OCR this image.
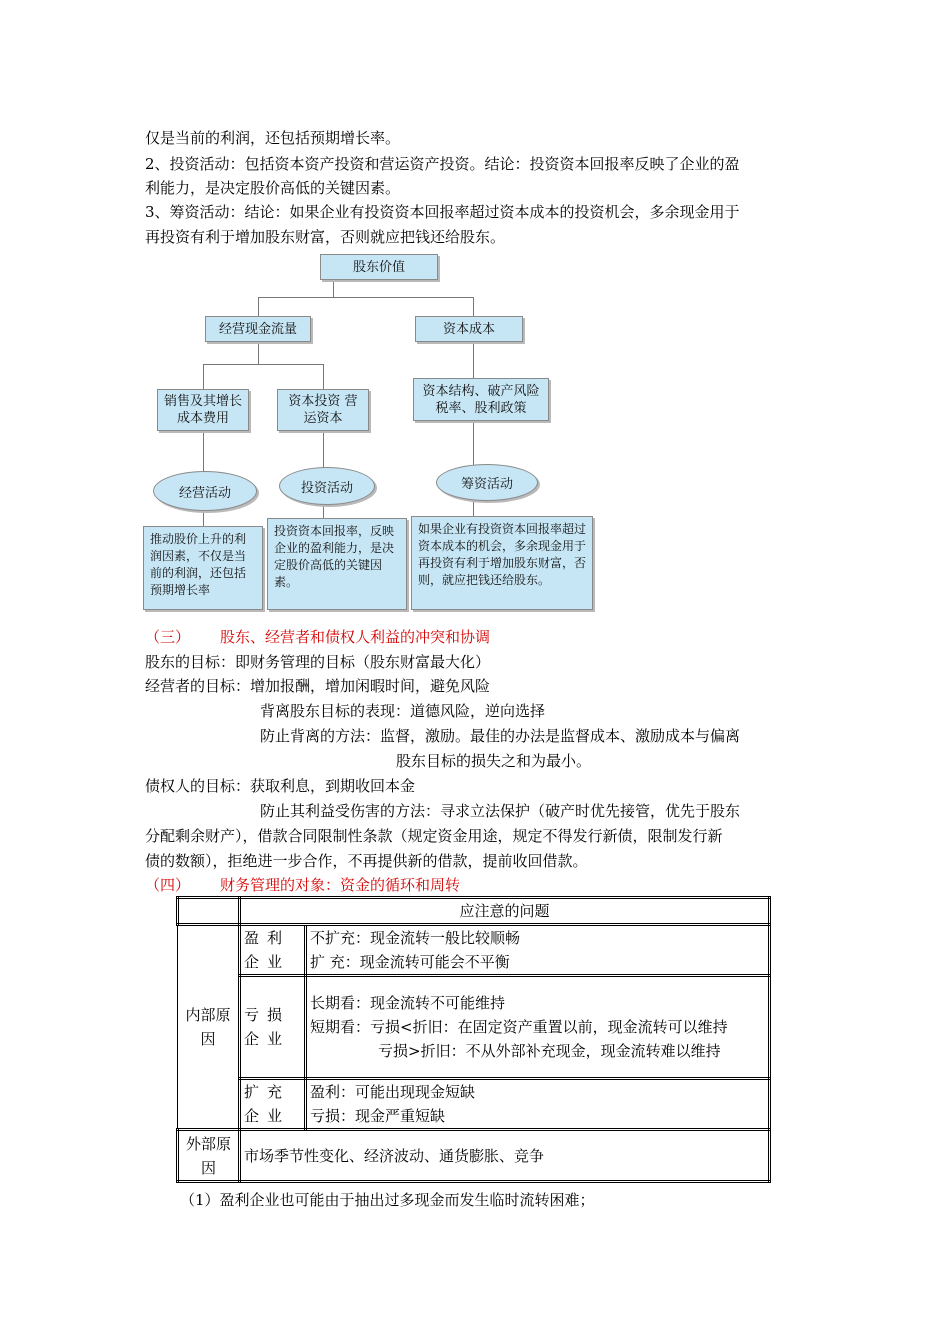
仅是当前的利润，还包括预期增长率。
2、投资活动：包括资本资产投资和营运资产投资。结论：投资资本回报率反映了企业的盈
利能力，是决定股价高低的关键因素。
3、筹资活动：结论：如果企业有投资资本回报率超过资本成本的投资机会，多余现金用于
再投资有利于增加股东财富，否则就应把钱还给股东。
股东价值
经营现金流量	资本成本
销售及其增长 成本费用
资本投资 营运资本
资本结构、破产风险 税率、股利政策
经营活动	投资活动	筹资活动
推动股价上升的利润因素，不仅是当前的利润，还包括预期增长率
投资资本回报率，反映企业的盈利能力，是决定股价高低的关键因素。
如果企业有投资资本回报率超过资本成本的机会，多余现金用于再投资有利于增加股东财富，否则，就应把钱还给股东。
（三） 股东、经营者和债权人利益的冲突和协调
股东的目标：即财务管理的目标（股东财富最大化）
经营者的目标：增加报酬，增加闲暇时间，避免风险
背离股东目标的表现：道德风险，逆向选择
防止背离的方法：监督，激励。最佳的办法是监督成本、激励成本与偏离
股东目标的损失之和为最小。
债权人的目标：获取利息，到期收回本金
防止其利益受伤害的方法：寻求立法保护（破产时优先接管，优先于股东
分配剩余财产），借款合同限制性条款（规定资金用途，规定不得发行新债，限制发行新
债的数额），拒绝进一步合作，不再提供新的借款，提前收回借款。
（四） 财务管理的对象：资金的循环和周转
	应注意的问题	
内部原因	盈利企业	不扩充：现金流转一般比较顺畅
扩 充：现金流转可能会不平衡

	亏损企业	长期看：现金流转不可能维持
短期看：亏损<折旧：在固定资产重置以前，现金流转可以维持
亏损>折旧：不从外部补充现金，现金流转难以维持

	扩充企业	盈利：可能出现现金短缺
亏损：现金严重短缺

外部原因	市场季节性变化、经济波动、通货膨胀、竞争	
（1）盈利企业也可能由于抽出过多现金而发生临时流转困难；
